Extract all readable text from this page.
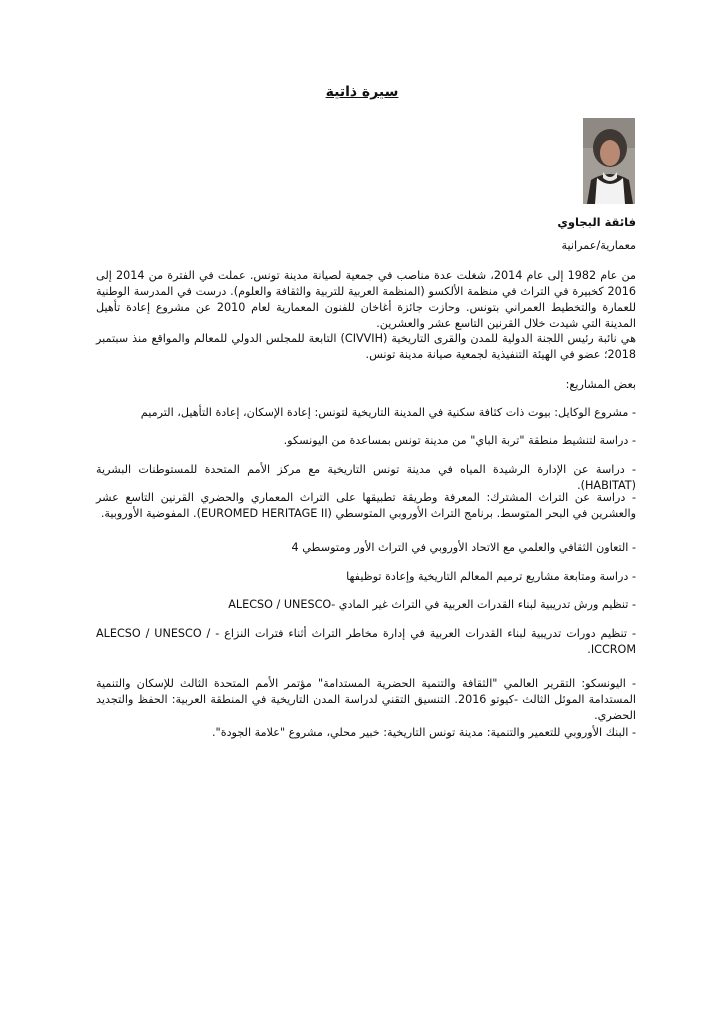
سيرة ذاتية
فائقة البجاوي
معمارية/عمرانية
من عام 1982 إلى عام 2014، شغلت عدة مناصب في جمعية لصيانة مدينة تونس. عملت في الفترة من 2014 إلى 2016 كخبيرة في التراث في منظمة الألكسو (المنظمة العربية للتربية والثقافة والعلوم). درست في المدرسة الوطنية للعمارة والتخطيط العمراني بتونس. وحازت جائزة أغاخان للفنون المعمارية لعام 2010 عن مشروع إعادة تأهيل المدينة التي شيدت خلال القرنين التاسع عشر والعشرين.
هي نائبة رئيس اللجنة الدولية للمدن والقرى التاريخية (CIVVIH) التابعة للمجلس الدولي للمعالم والمواقع منذ سبتمبر 2018؛ عضو في الهيئة التنفيذية لجمعية صيانة مدينة تونس.
بعض المشاريع:
- مشروع الوكايل: بيوت ذات كثافة سكنية في المدينة التاريخية لتونس: إعادة الإسكان، إعادة التأهيل، الترميم
- دراسة لتنشيط منطقة "تربة الباي" من مدينة تونس بمساعدة من اليونسكو.
- دراسة عن الإدارة الرشيدة المياه في مدينة تونس التاريخية مع مركز الأمم المتحدة للمستوطنات البشرية (HABITAT).
- دراسة عن التراث المشترك: المعرفة وطريقة تطبيقها على التراث المعماري والحضري القرنين التاسع عشر والعشرين في البحر المتوسط. برنامج التراث الأوروبي المتوسطي (EUROMED HERITAGE II). المفوضية الأوروبية.
- التعاون الثقافي والعلمي مع الاتحاد الأوروبي في التراث الأور ومتوسطي 4
- دراسة ومتابعة مشاريع ترميم المعالم التاريخية وإعادة توظيفها
- تنظيم ورش تدريبية لبناء القدرات العربية في التراث غير المادي -ALECSO / UNESCO
- تنظيم دورات تدريبية لبناء القدرات العربية في إدارة مخاطر التراث أثناء فترات النزاع - ALECSO / UNESCO / ICCROM.
- اليونسكو: التقرير العالمي "الثقافة والتنمية الحضرية المستدامة" مؤتمر الأمم المتحدة الثالث للإسكان والتنمية المستدامة الموئل الثالث -كيوتو 2016. التنسيق التقني لدراسة المدن التاريخية في المنطقة العربية: الحفظ والتجديد الحضري.
- البنك الأوروبي للتعمير والتنمية: مدينة تونس التاريخية: خبير محلي، مشروع "علامة الجودة".
